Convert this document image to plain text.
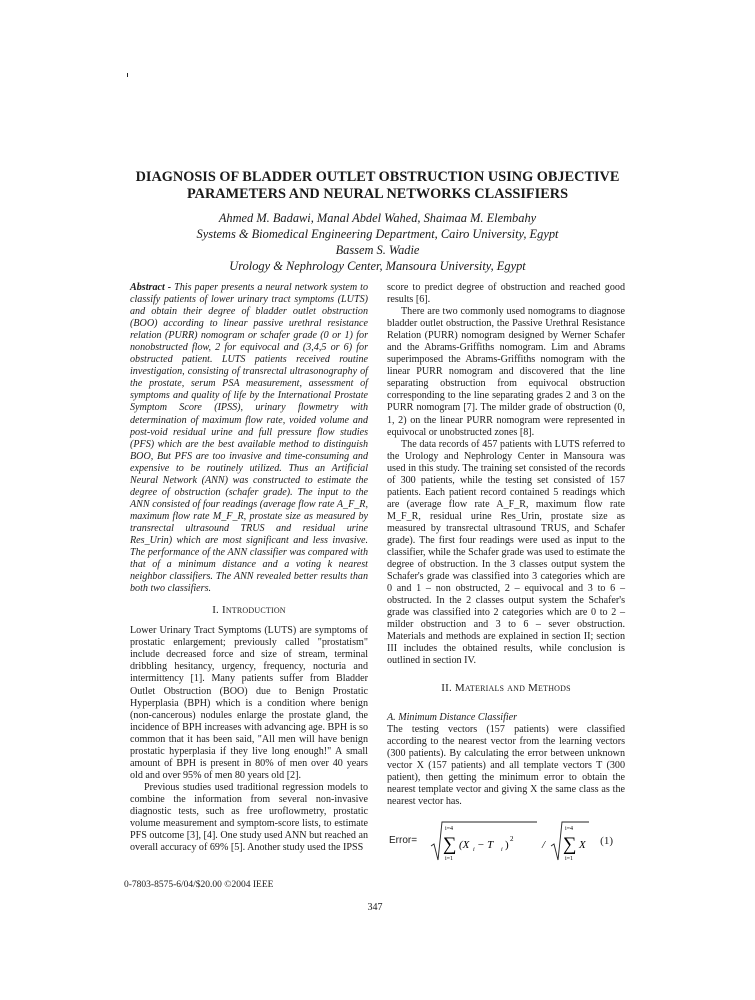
DIAGNOSIS OF BLADDER OUTLET OBSTRUCTION USING OBJECTIVE
PARAMETERS AND NEURAL NETWORKS CLASSIFIERS
Ahmed M. Badawi, Manal Abdel Wahed, Shaimaa M. Elembahy
Systems & Biomedical Engineering Department, Cairo University, Egypt
Bassem S. Wadie
Urology & Nephrology Center, Mansoura University, Egypt

Abstract - This paper presents a neural network system to classify patients of lower urinary tract symptoms (LUTS) and obtain their degree of bladder outlet obstruction (BOO) according to linear passive urethral resistance relation (PURR) nomogram or schafer grade (0 or 1) for nonobstructed flow, 2 for equivocal and (3,4,5 or 6) for obstructed patient. LUTS patients received routine investigation, consisting of transrectal ultrasonography of the prostate, serum PSA measurement, assessment of symptoms and quality of life by the International Prostate Symptom Score (IPSS), urinary flowmetry with determination of maximum flow rate, voided volume and post-void residual urine and full pressure flow studies (PFS) which are the best available method to distinguish BOO, But PFS are too invasive and time-consuming and expensive to be routinely utilized. Thus an Artificial Neural Network (ANN) was constructed to estimate the degree of obstruction (schafer grade). The input to the ANN consisted of four readings (average flow rate A_F_R, maximum flow rate M_F_R, prostate size as measured by transrectal ultrasound TRUS and residual urine Res_Urin) which are most significant and less invasive. The performance of the ANN classifier was compared with that of a minimum distance and a voting k nearest neighbor classifiers. The ANN revealed better results than both two classifiers.

I. Introduction

Lower Urinary Tract Symptoms (LUTS) are symptoms of prostatic enlargement; previously called "prostatism" include decreased force and size of stream, terminal dribbling hesitancy, urgency, frequency, nocturia and intermittency [1]. Many patients suffer from Bladder Outlet Obstruction (BOO) due to Benign Prostatic Hyperplasia (BPH) which is a condition where benign (non-cancerous) nodules enlarge the prostate gland, the incidence of BPH increases with advancing age. BPH is so common that it has been said, "All men will have benign prostatic hyperplasia if they live long enough!" A small amount of BPH is present in 80% of men over 40 years old and over 95% of men 80 years old [2].

Previous studies used traditional regression models to combine the information from several non-invasive diagnostic tests, such as free uroflowmetry, prostatic volume measurement and symptom-score lists, to estimate PFS outcome [3], [4]. One study used ANN but reached an overall accuracy of 69% [5]. Another study used the IPSS

score to predict degree of obstruction and reached good results [6].

There are two commonly used nomograms to diagnose bladder outlet obstruction, the Passive Urethral Resistance Relation (PURR) nomogram designed by Werner Schafer and the Abrams-Griffiths nomogram. Lim and Abrams superimposed the Abrams-Griffiths nomogram with the linear PURR nomogram and discovered that the line separating obstruction from equivocal obstruction corresponding to the line separating grades 2 and 3 on the PURR nomogram [7]. The milder grade of obstruction (0, 1, 2) on the linear PURR nomogram were represented in equivocal or unobstructed zones [8].

The data records of 457 patients with LUTS referred to the Urology and Nephrology Center in Mansoura was used in this study. The training set consisted of the records of 300 patients, while the testing set consisted of 157 patients. Each patient record contained 5 readings which are (average flow rate A_F_R, maximum flow rate M_F_R, residual urine Res_Urin, prostate size as measured by transrectal ultrasound TRUS, and Schafer grade). The first four readings were used as input to the classifier, while the Schafer grade was used to estimate the degree of obstruction. In the 3 classes output system the Schafer's grade was classified into 3 categories which are 0 and 1 – non obstructed, 2 – equivocal and 3 to 6 – obstructed. In the 2 classes output system the Schafer's grade was classified into 2 categories which are 0 to 2 – milder obstruction and 3 to 6 – sever obstruction. Materials and methods are explained in section II; section III includes the obtained results, while conclusion is outlined in section IV.

II. Materials and Methods

A. Minimum Distance Classifier

The testing vectors (157 patients) were classified according to the nearest vector from the learning vectors (300 patients). By calculating the error between unknown vector X (157 patients) and all template vectors T (300 patient), then getting the minimum error to obtain the nearest template vector and giving X the same class as the nearest vector has.

Error=
i=4
∑
i=1
(X i − T i ) 2	/
i=4
∑
i=1
X (1)
0-7803-8575-6/04/$20.00 ©2004 IEEE
347
